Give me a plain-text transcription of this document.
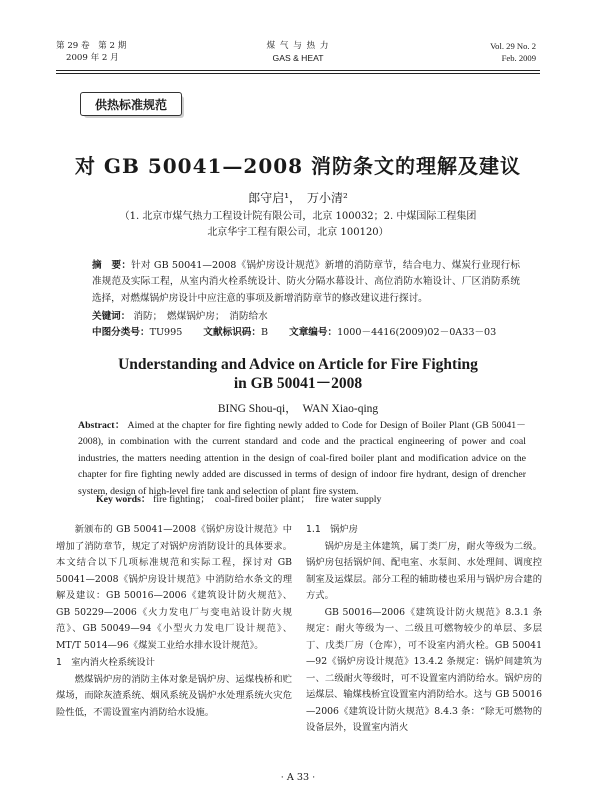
第 29 卷　第 2 期
2009 年 2 月
煤 气 与 热 力
GAS & HEAT
Vol. 29 No. 2
Feb. 2009
供热标准规范
对 GB 50041—2008 消防条文的理解及建议
郎守启¹，　万小清²
（1. 北京市煤气热力工程设计院有限公司，北京 100032；2. 中煤国际工程集团
北京华宇工程有限公司，北京 100120）
摘　要：针对 GB 50041—2008《锅炉房设计规范》新增的消防章节，结合电力、煤炭行业现行标准规范及实际工程，从室内消火栓系统设计、防火分隔水幕设计、高位消防水箱设计、厂区消防系统选择，对燃煤锅炉房设计中应注意的事项及新增消防章节的修改建议进行探讨。
关键词： 消防；　燃煤锅炉房；　消防给水
中图分类号：TU995 文献标识码：B 文章编号：1000－4416(2009)02－0A33－03
Understanding and Advice on Article for Fire Fighting
in GB 50041－2008
BING Shou-qi，　WAN Xiao-qing
Abstract： Aimed at the chapter for fire fighting newly added to Code for Design of Boiler Plant (GB 50041－2008), in combination with the current standard and code and the practical engineering of power and coal industries, the matters needing attention in the design of coal-fired boiler plant and modification advice on the chapter for fire fighting newly added are discussed in terms of design of indoor fire hydrant, design of drencher system, design of high-level fire tank and selection of plant fire system.
Key words： fire fighting；　coal-fired boiler plant；　fire water supply

新颁布的 GB 50041—2008《锅炉房设计规范》中增加了消防章节，规定了对锅炉房消防设计的具体要求。本文结合以下几项标准规范和实际工程，探讨对 GB 50041—2008《锅炉房设计规范》中消防给水条文的理解及建议：GB 50016—2006《建筑设计防火规范》、GB 50229—2006《火力发电厂与变电站设计防火规范》、GB 50049—94《小型火力发电厂设计规范》、MT/T 5014—96《煤炭工业给水排水设计规范》。

1　室内消火栓系统设计

燃煤锅炉房的消防主体对象是锅炉房、运煤栈桥和贮煤场，而除灰渣系统、烟风系统及锅炉水处理系统火灾危险性低，不需设置室内消防给水设施。

1.1　锅炉房

锅炉房是主体建筑，属丁类厂房，耐火等级为二级。锅炉房包括锅炉间、配电室、水泵间、水处理间、调度控制室及运煤层。部分工程的辅助楼也采用与锅炉房合建的方式。

GB 50016—2006《建筑设计防火规范》8.3.1 条规定：耐火等级为一、二级且可燃物较少的单层、多层丁、戊类厂房（仓库），可不设室内消火栓。GB 50041—92《锅炉房设计规范》13.4.2 条规定：锅炉间建筑为一、二级耐火等级时，可不设置室内消防给水。锅炉房的运煤层、输煤栈桥宜设置室内消防给水。这与 GB 50016—2006《建筑设计防火规范》8.4.3 条：“除无可燃物的设备层外，设置室内消火

· A 33 ·
